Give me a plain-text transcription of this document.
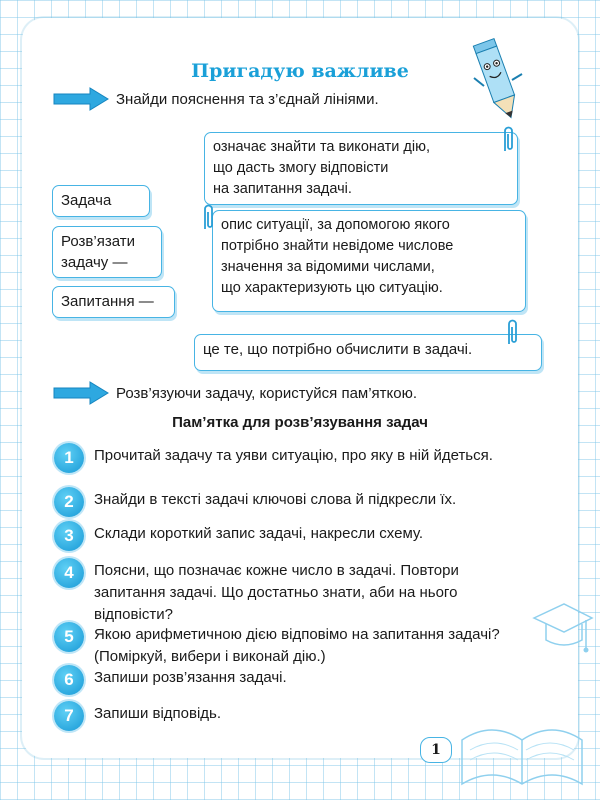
Пригадую важливе
Знайди пояснення та з’єднай лініями.
означає знайти та виконати дію,
що дасть змогу відповісти
на запитання задачі.
опис ситуації, за допомогою якого
потрібно знайти невідоме числове
значення за відомими числами,
що характеризують цю ситуацію.
це те, що потрібно обчислити в задачі.
Задача
Розв’язати
задачу —
Запитання —
Розв’язуючи задачу, користуйся пам’яткою.
Пам’ятка для розв’язування задач
1	Прочитай задачу та уяви ситуацію, про яку в ній йдеться.
2	Знайди в тексті задачі ключові слова й підкресли їх.
3	Склади короткий запис задачі, накресли схему.
4	Поясни, що позначає кожне число в задачі. Повтори запитання задачі. Що достатньо знати, аби на нього відповісти?
5	Якою арифметичною дією відповімо на запитання задачі? (Поміркуй, вибери і виконай дію.)
6	Запиши розв’язання задачі.
7	Запиши відповідь.
1
